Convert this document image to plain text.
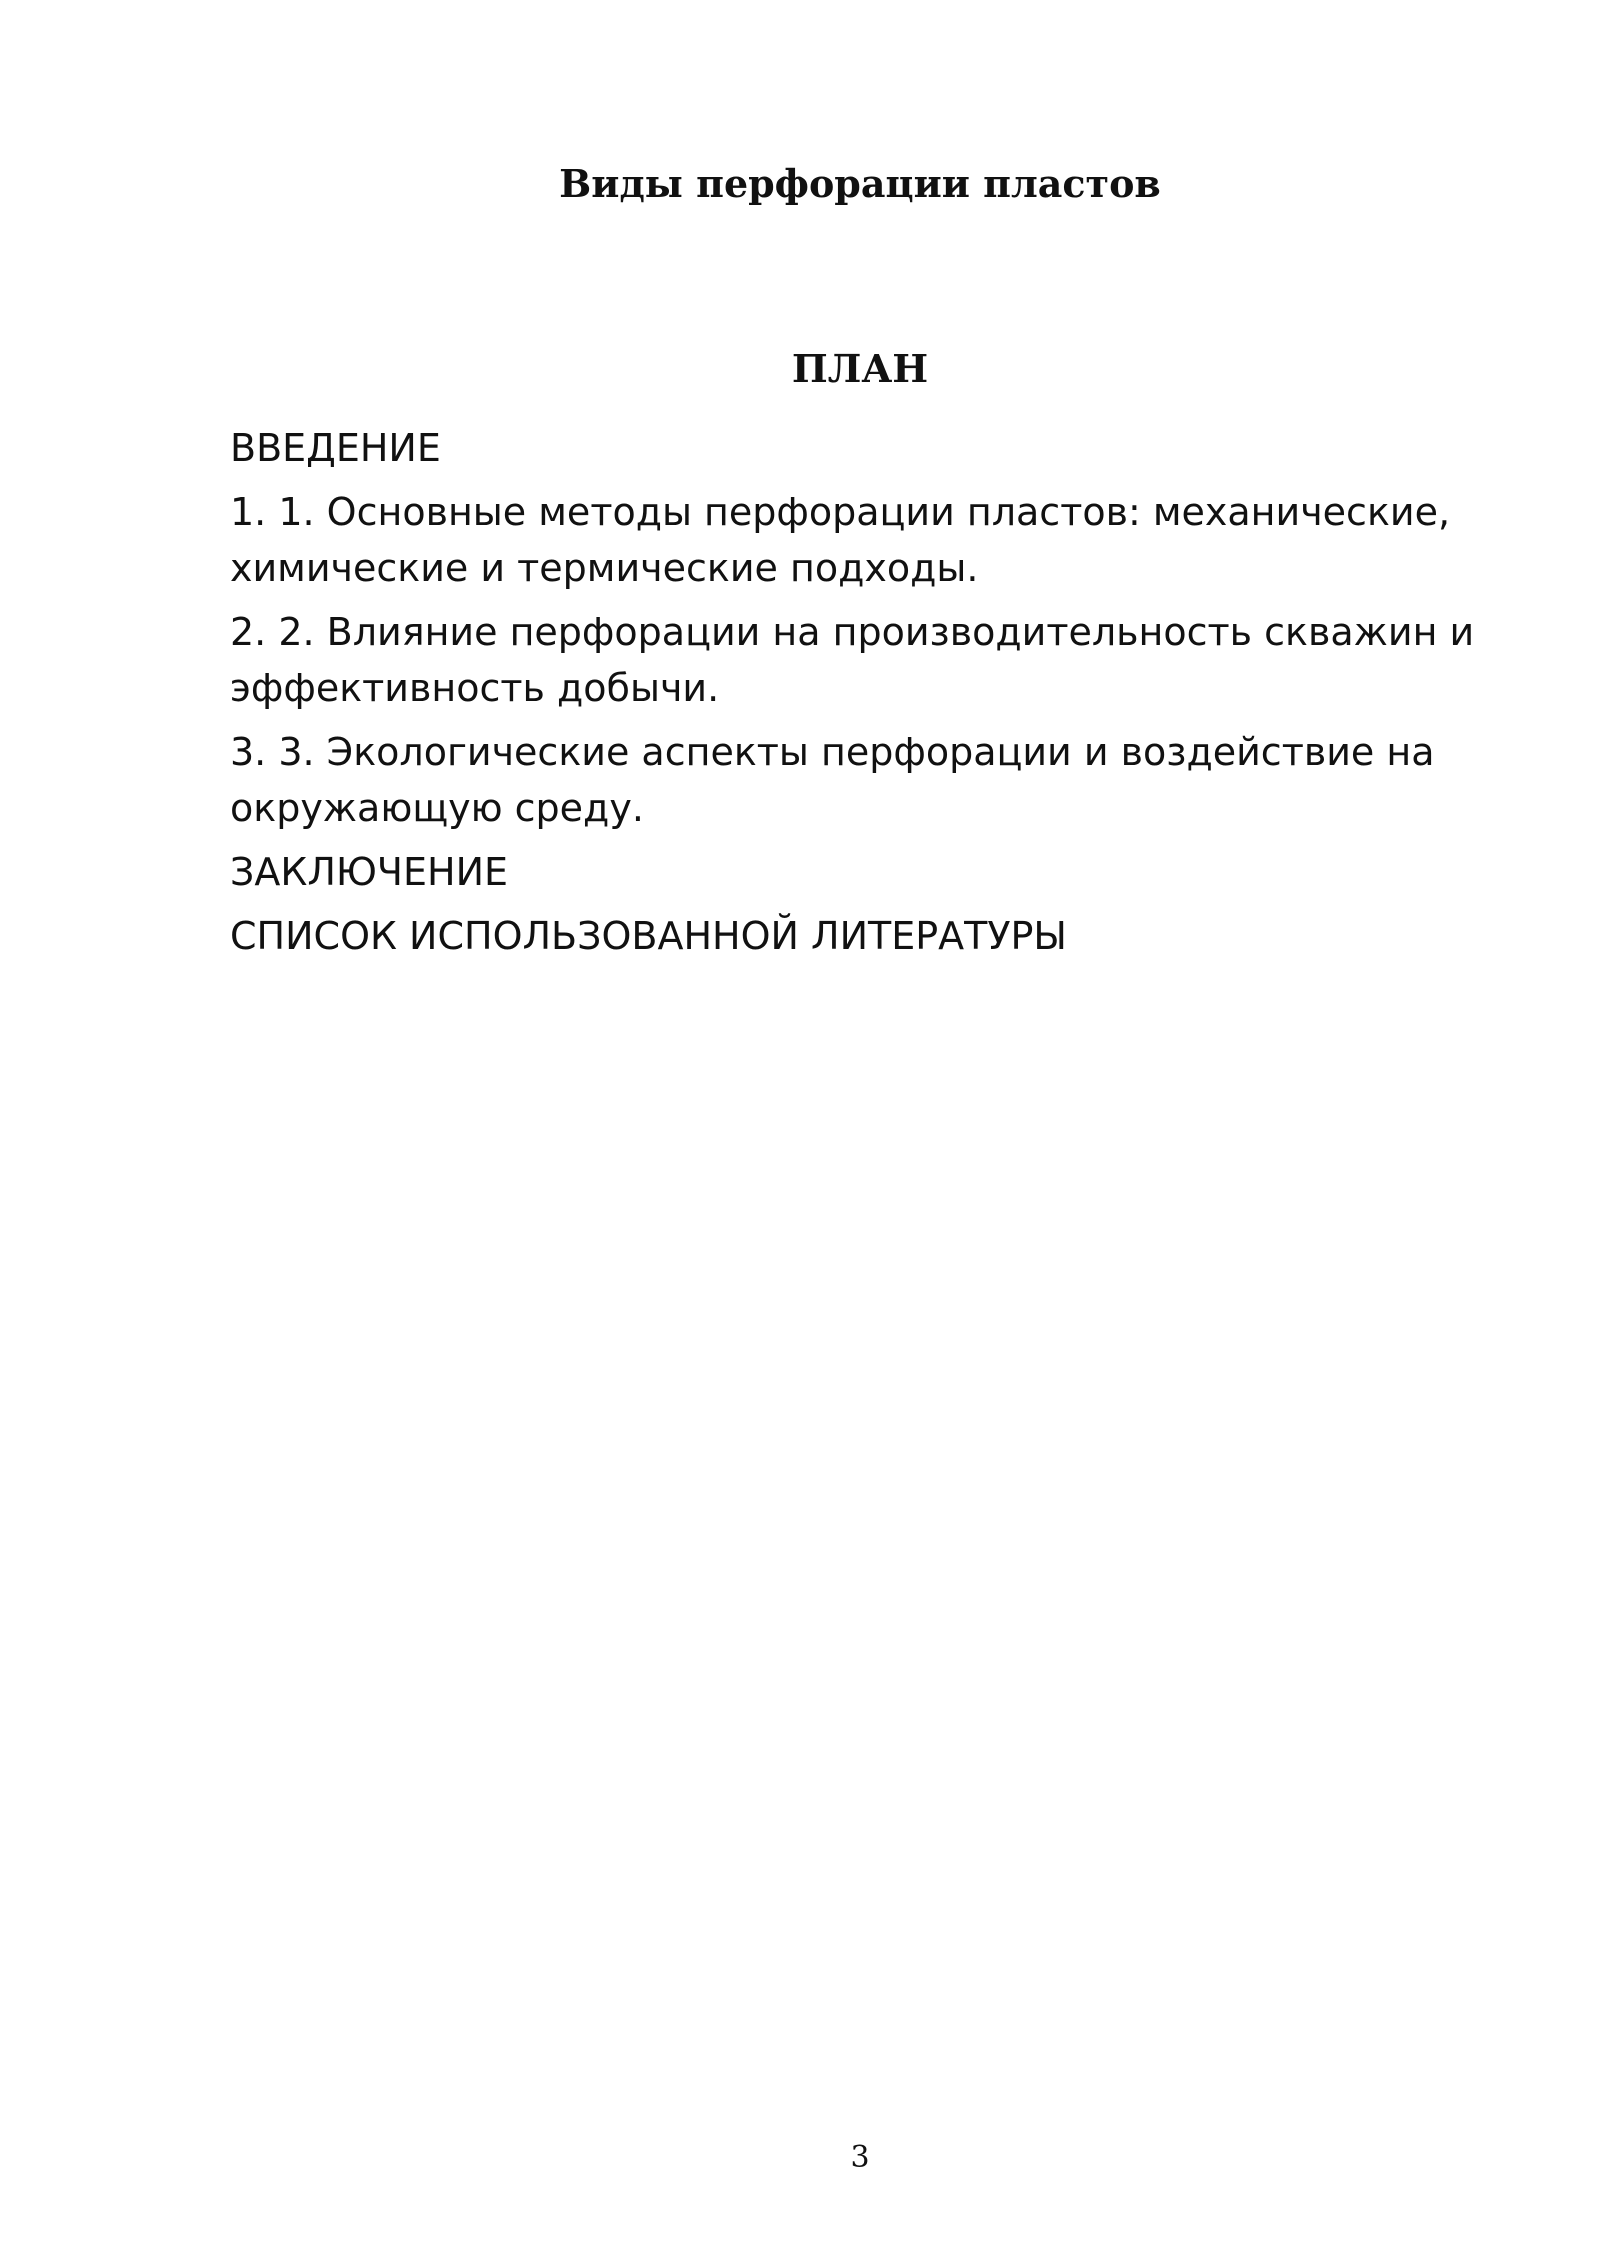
Виды перфорации пластов
ПЛАН
ВВЕДЕНИЕ
1. 1. Основные методы перфорации пластов: механические, химические и термические подходы.
2. 2. Влияние перфорации на производительность скважин и эффективность добычи.
3. 3. Экологические аспекты перфорации и воздействие на окружающую среду.
ЗАКЛЮЧЕНИЕ
СПИСОК ИСПОЛЬЗОВАННОЙ ЛИТЕРАТУРЫ
3
